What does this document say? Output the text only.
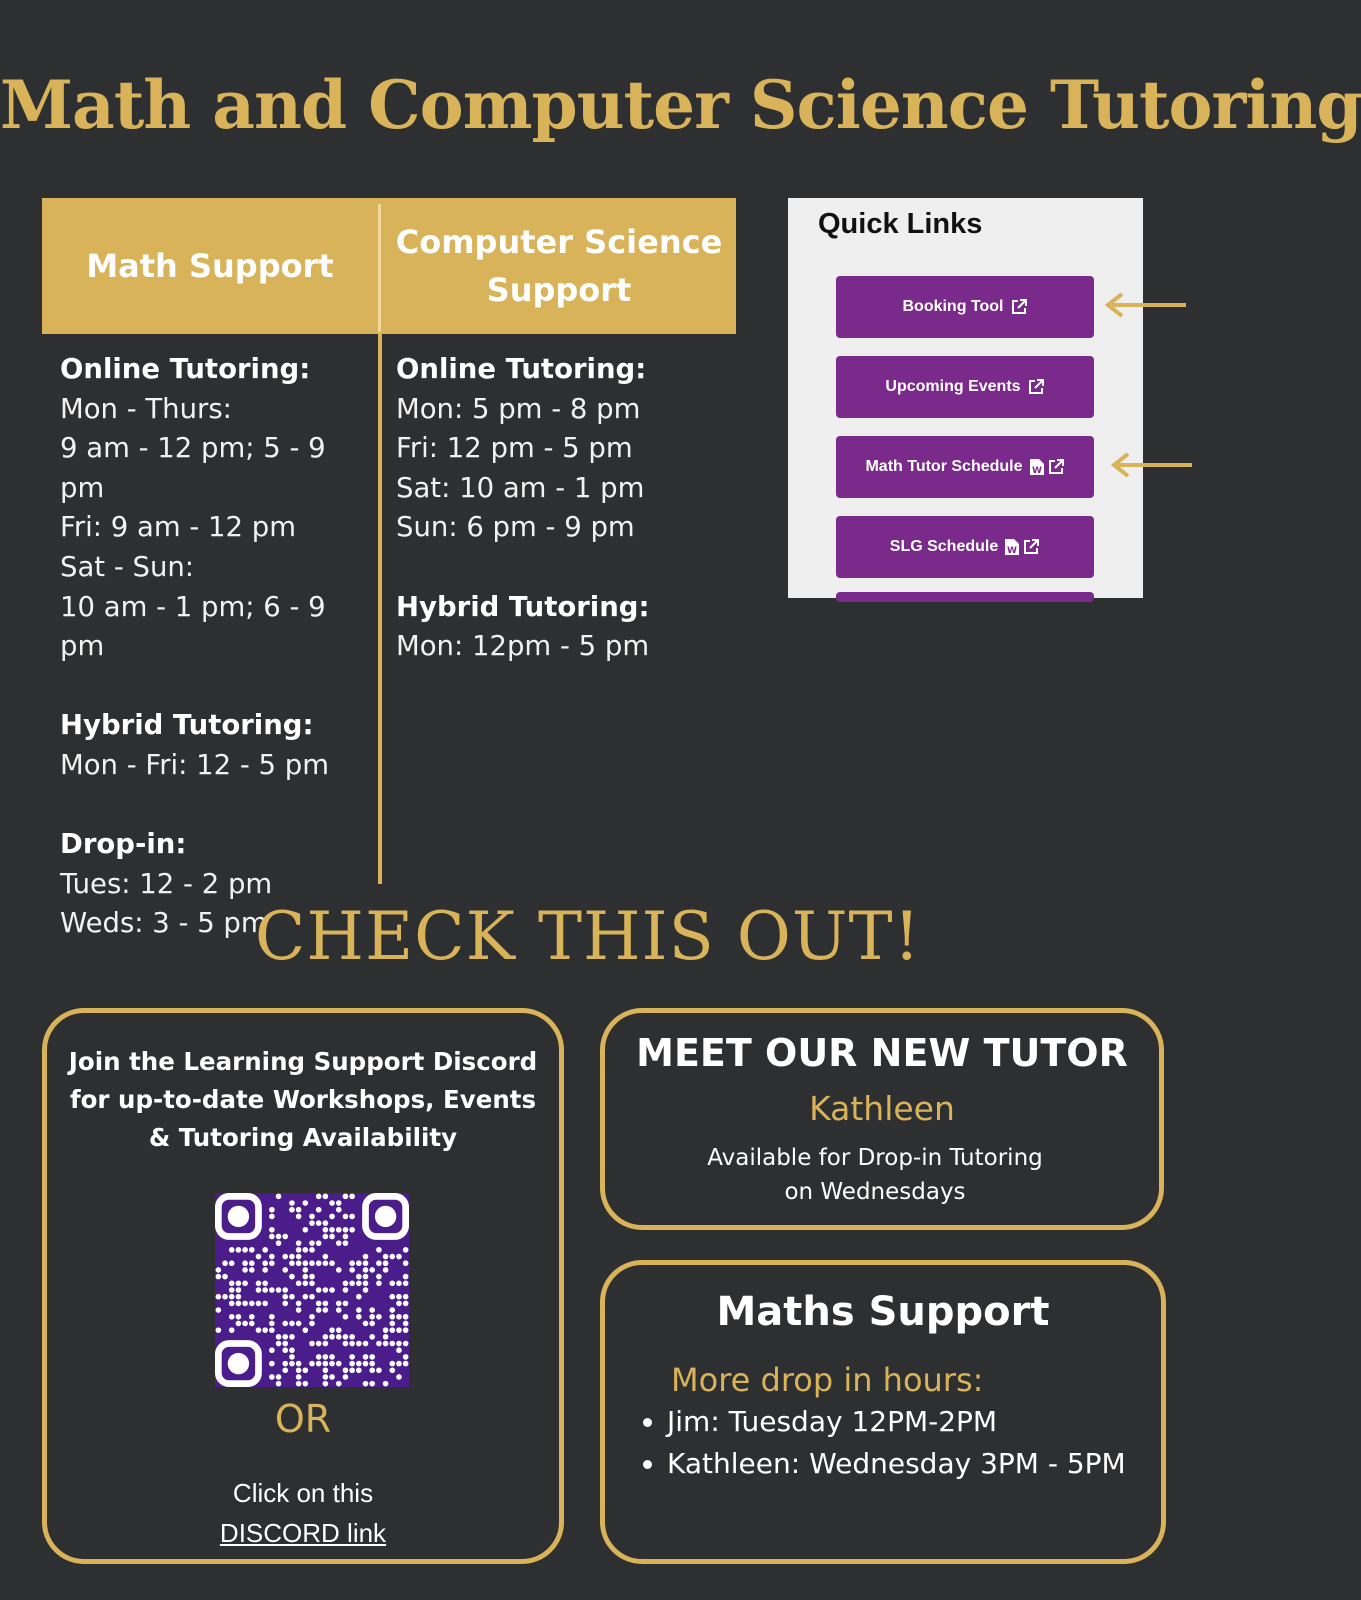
Math and Computer Science Tutoring
Math Support
Computer Science
Support
Online Tutoring:
Mon - Thurs:
9 am - 12 pm; 5 - 9 pm
Fri: 9 am - 12 pm
Sat - Sun:
10 am - 1 pm; 6 - 9 pm
Hybrid Tutoring:
Mon - Fri: 12 - 5 pm
Drop-in:
Tues: 12 - 2 pm
Weds: 3 - 5 pm
Online Tutoring:
Mon: 5 pm - 8 pm
Fri: 12 pm - 5 pm
Sat: 10 am - 1 pm
Sun: 6 pm - 9 pm
Hybrid Tutoring:
Mon: 12pm - 5 pm
Quick Links
Booking Tool
Upcoming Events
Math Tutor Schedule W
SLG Schedule W
CHECK THIS OUT!
Join the Learning Support Discord
for up-to-date Workshops, Events
& Tutoring Availability
OR
Click on this
DISCORD link
MEET OUR NEW TUTOR
Kathleen
Available for Drop-in Tutoring
on Wednesdays
Maths Support
More drop in hours:
• Jim: Tuesday 12PM-2PM
• Kathleen: Wednesday 3PM - 5PM
